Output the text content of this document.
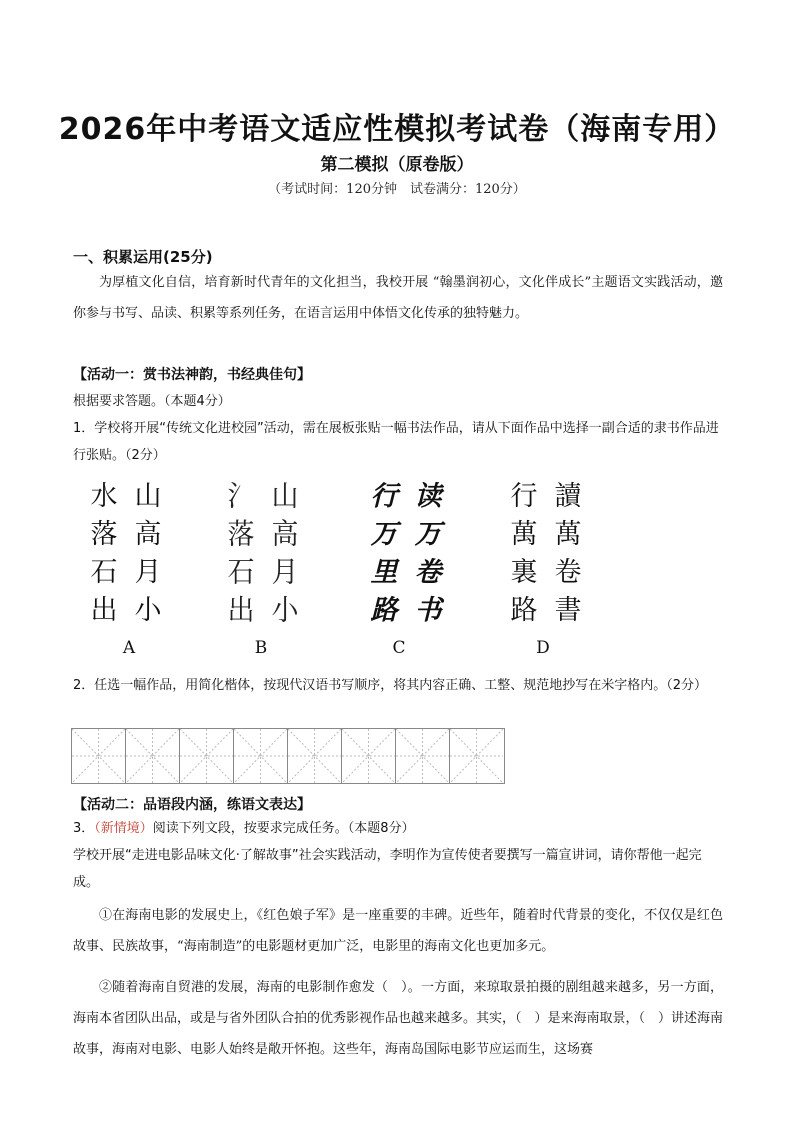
2026年中考语文适应性模拟考试卷（海南专用）
第二模拟（原卷版）
（考试时间：120分钟　试卷满分：120分）
一、积累运用(25分)
为厚植文化自信，培育新时代青年的文化担当，我校开展 “翰墨润初心，文化伴成长”主题语文实践活动，邀你参与书写、品读、积累等系列任务，在语言运用中体悟文化传承的独特魅力。
【活动一：赏书法神韵，书经典佳句】
根据要求答题。（本题4分）
1．学校将开展“传统文化进校园”活动，需在展板张贴一幅书法作品，请从下面作品中选择一副合适的隶书作品进行张贴。（2分）
水 山
落 高
石 月
出 小
A
氵 山
落 高
石 月
出 小
B
行 读
万 万
里 卷
路 书
C
行 讀
萬 萬
裏 卷
路 書
D
2．任选一幅作品，用简化楷体，按现代汉语书写顺序，将其内容正确、工整、规范地抄写在米字格内。（2分）
【活动二：品语段内涵，练语文表达】
3．（新情境）阅读下列文段，按要求完成任务。（本题8分）
学校开展“走进电影品味文化·了解故事”社会实践活动，李明作为宣传使者要撰写一篇宣讲词，请你帮他一起完成。
①在海南电影的发展史上，《红色娘子军》是一座重要的丰碑。近些年，随着时代背景的变化，不仅仅是红色故事、民族故事，“海南制造”的电影题材更加广泛，电影里的海南文化也更加多元。
②随着海南自贸港的发展，海南的电影制作愈发（　）。一方面，来琼取景拍摄的剧组越来越多，另一方面，海南本省团队出品，或是与省外团队合拍的优秀影视作品也越来越多。其实，（　）是来海南取景，（　）讲述海南故事，海南对电影、电影人始终是敞开怀抱。这些年，海南岛国际电影节应运而生，这场赛
